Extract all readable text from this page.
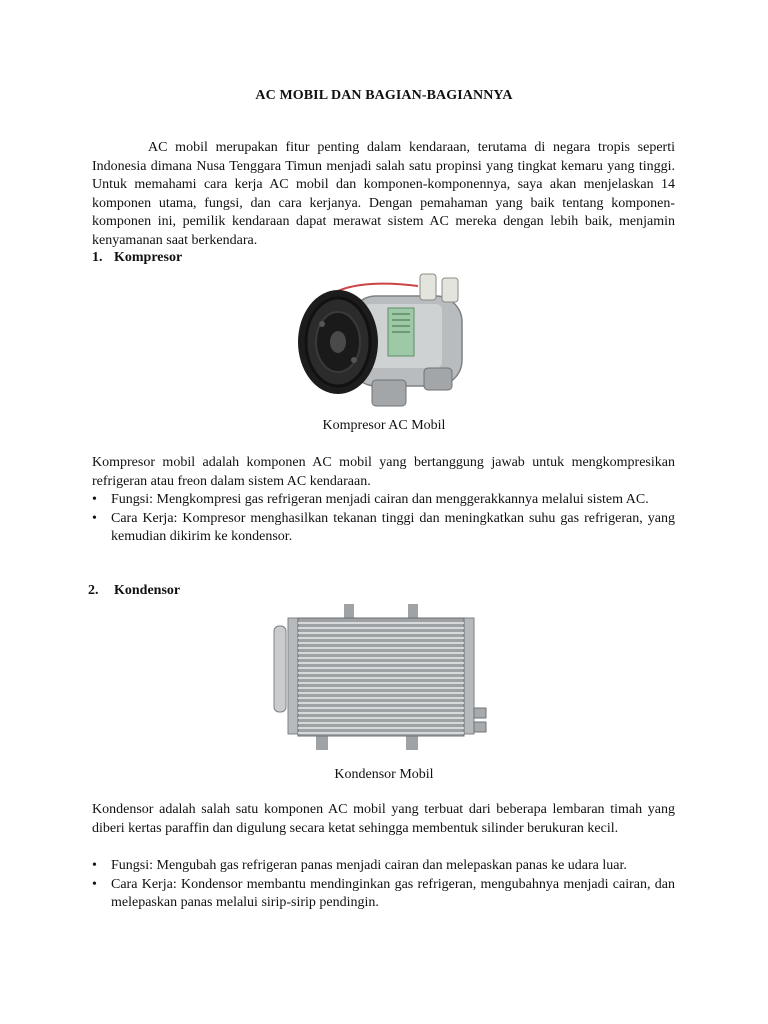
AC MOBIL DAN BAGIAN-BAGIANNYA

AC mobil merupakan fitur penting dalam kendaraan, terutama di negara tropis seperti Indonesia dimana Nusa Tenggara Timun menjadi salah satu propinsi yang tingkat kemaru yang tinggi. Untuk memahami cara kerja AC mobil dan komponen-komponennya, saya akan menjelaskan 14 komponen utama, fungsi, dan cara kerjanya. Dengan pemahaman yang baik tentang komponen-komponen ini, pemilik kendaraan dapat merawat sistem AC mereka dengan lebih baik, menjamin kenyamanan saat berkendara.

1. Kompresor
Kompresor AC Mobil

Kompresor mobil adalah komponen AC mobil yang bertanggung jawab untuk mengkompresikan refrigeran atau freon dalam sistem AC kendaraan.

• Fungsi: Mengkompresi gas refrigeran menjadi cairan dan menggerakkannya melalui sistem AC.
• Cara Kerja: Kompresor menghasilkan tekanan tinggi dan meningkatkan suhu gas refrigeran, yang kemudian dikirim ke kondensor.
2. Kondensor
Kondensor Mobil

Kondensor adalah salah satu komponen AC mobil yang terbuat dari beberapa lembaran timah yang diberi kertas paraffin dan digulung secara ketat sehingga membentuk silinder berukuran kecil.

• Fungsi: Mengubah gas refrigeran panas menjadi cairan dan melepaskan panas ke udara luar.
• Cara Kerja: Kondensor membantu mendinginkan gas refrigeran, mengubahnya menjadi cairan, dan melepaskan panas melalui sirip-sirip pendingin.
